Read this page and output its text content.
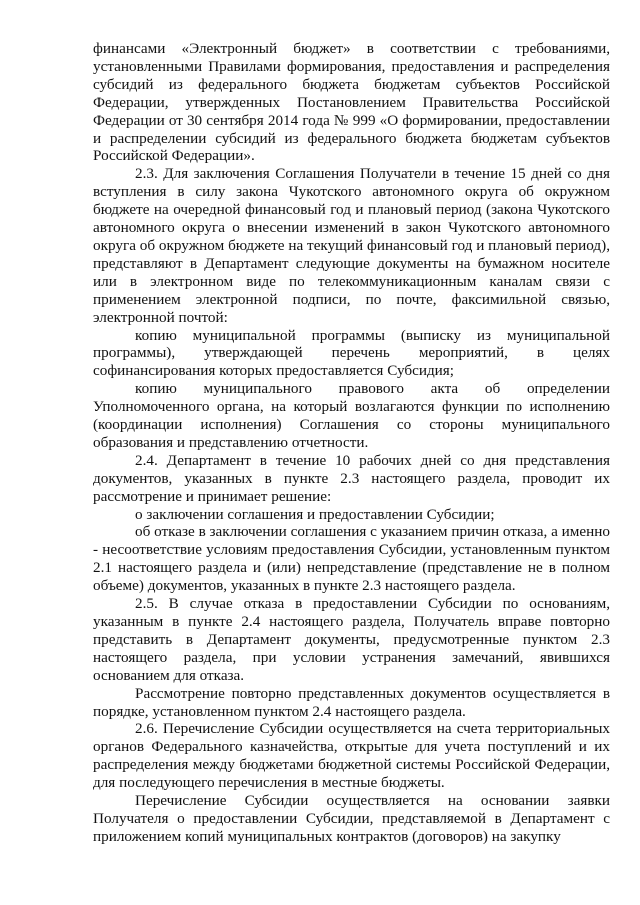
финансами «Электронный бюджет» в соответствии с требованиями, установленными Правилами формирования, предоставления и распределения субсидий из федерального бюджета бюджетам субъектов Российской Федерации, утвержденных Постановлением Правительства Российской Федерации от 30 сентября 2014 года № 999 «О формировании, предоставлении и распределении субсидий из федерального бюджета бюджетам субъектов Российской Федерации».

2.3. Для заключения Соглашения Получатели в течение 15 дней со дня вступления в силу закона Чукотского автономного округа об окружном бюджете на очередной финансовый год и плановый период (закона Чукотского автономного округа о внесении изменений в закон Чукотского автономного округа об окружном бюджете на текущий финансовый год и плановый период), представляют в Департамент следующие документы на бумажном носителе или в электронном виде по телекоммуникационным каналам связи с применением электронной подписи, по почте, факсимильной связью, электронной почтой:

копию муниципальной программы (выписку из муниципальной программы), утверждающей перечень мероприятий, в целях софинансирования которых предоставляется Субсидия;

копию муниципального правового акта об определении Уполномоченного органа, на который возлагаются функции по исполнению (координации исполнения) Соглашения со стороны муниципального образования и представлению отчетности.

2.4. Департамент в течение 10 рабочих дней со дня представления документов, указанных в пункте 2.3 настоящего раздела, проводит их рассмотрение и принимает решение:

о заключении соглашения и предоставлении Субсидии;

об отказе в заключении соглашения с указанием причин отказа, а именно - несоответствие условиям предоставления Субсидии, установленным пунктом 2.1 настоящего раздела и (или) непредставление (представление не в полном объеме) документов, указанных в пункте 2.3 настоящего раздела.

2.5. В случае отказа в предоставлении Субсидии по основаниям, указанным в пункте 2.4 настоящего раздела, Получатель вправе повторно представить в Департамент документы, предусмотренные пунктом 2.3 настоящего раздела, при условии устранения замечаний, явившихся основанием для отказа.

Рассмотрение повторно представленных документов осуществляется в порядке, установленном пунктом 2.4 настоящего раздела.

2.6. Перечисление Субсидии осуществляется на счета территориальных органов Федерального казначейства, открытые для учета поступлений и их распределения между бюджетами бюджетной системы Российской Федерации, для последующего перечисления в местные бюджеты.

Перечисление Субсидии осуществляется на основании заявки Получателя о предоставлении Субсидии, представляемой в Департамент с приложением копий муниципальных контрактов (договоров) на закупку
